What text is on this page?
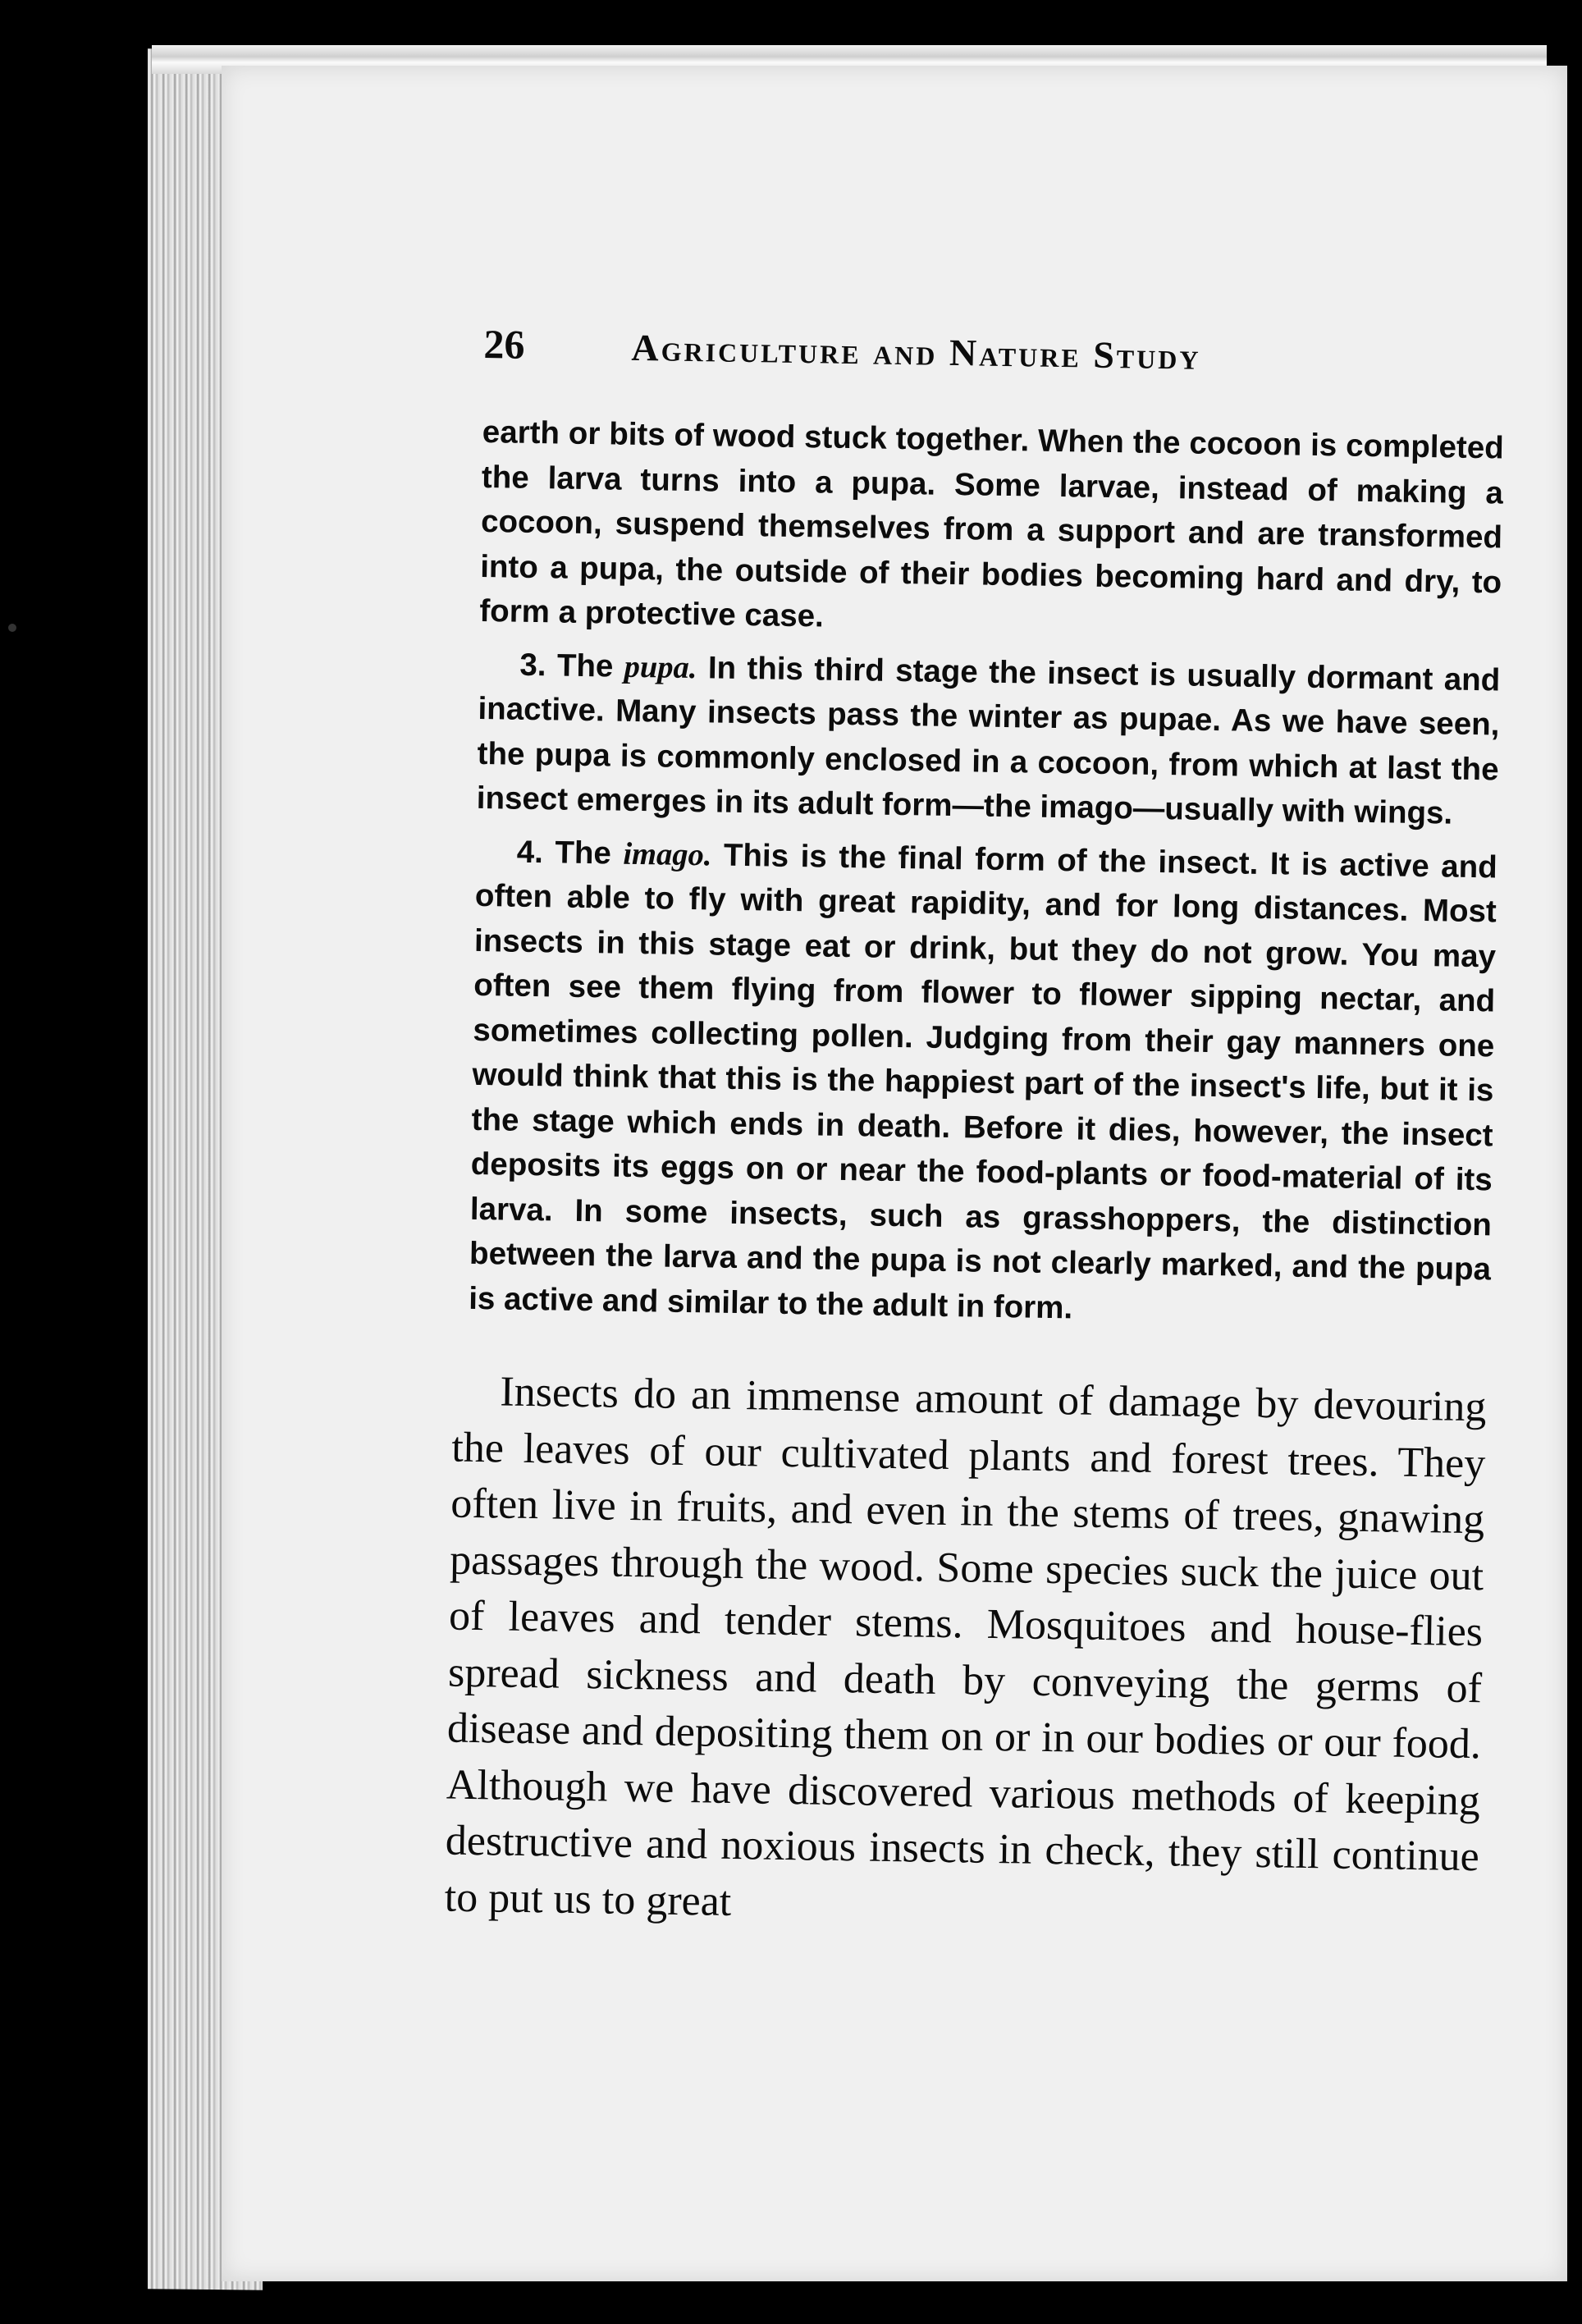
26	Agriculture and Nature Study

earth or bits of wood stuck together. When the cocoon is completed the larva turns into a pupa. Some larvae, instead of making a cocoon, suspend themselves from a support and are transformed into a pupa, the outside of their bodies becoming hard and dry, to form a protective case.

3. The pupa. In this third stage the insect is usually dormant and inactive. Many insects pass the winter as pupae. As we have seen, the pupa is commonly enclosed in a cocoon, from which at last the insect emerges in its adult form—the imago—usually with wings.

4. The imago. This is the final form of the insect. It is active and often able to fly with great rapidity, and for long distances. Most insects in this stage eat or drink, but they do not grow. You may often see them flying from flower to flower sipping nectar, and sometimes collecting pollen. Judging from their gay manners one would think that this is the happiest part of the insect's life, but it is the stage which ends in death. Before it dies, however, the insect deposits its eggs on or near the food-plants or food-material of its larva. In some insects, such as grasshoppers, the distinction between the larva and the pupa is not clearly marked, and the pupa is active and similar to the adult in form.

Insects do an immense amount of damage by devouring the leaves of our cultivated plants and forest trees. They often live in fruits, and even in the stems of trees, gnawing passages through the wood. Some species suck the juice out of leaves and tender stems. Mosquitoes and house-flies spread sickness and death by conveying the germs of disease and depositing them on or in our bodies or our food. Although we have discovered various methods of keeping destructive and noxious insects in check, they still continue to put us to great
